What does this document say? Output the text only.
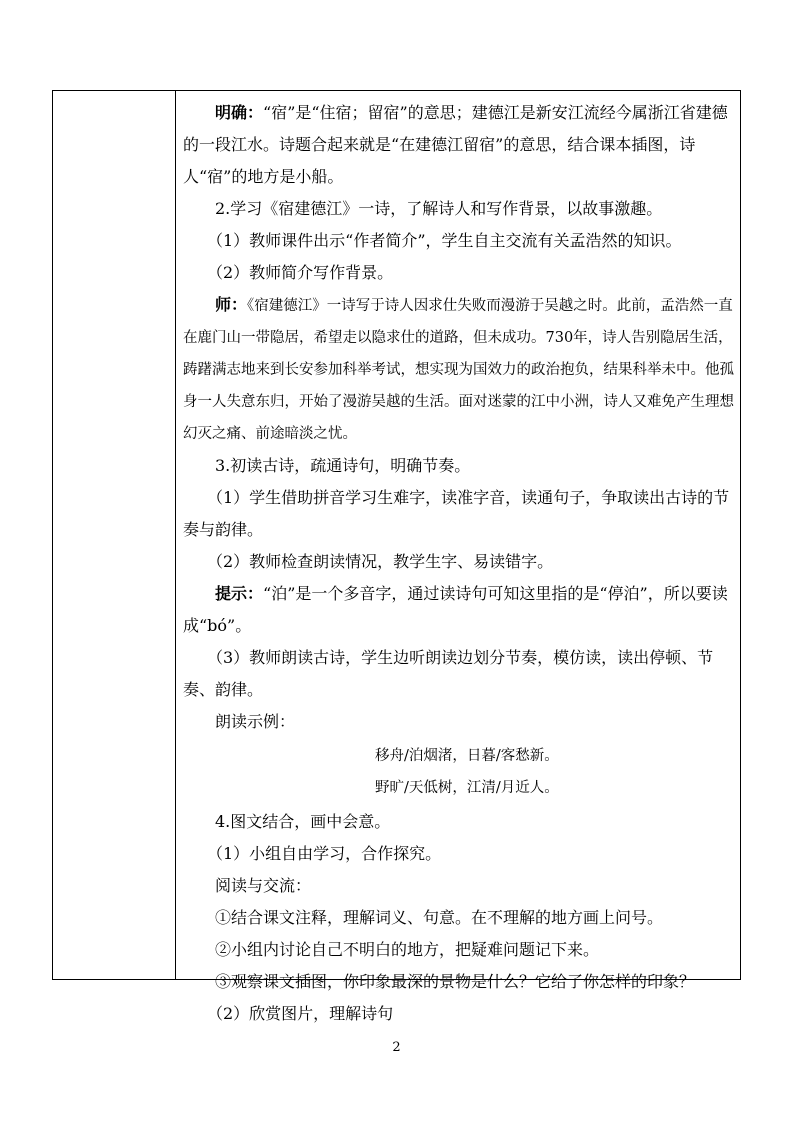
明确：“宿”是“住宿；留宿”的意思；建德江是新安江流经今属浙江省建德的一段江水。诗题合起来就是“在建德江留宿”的意思，结合课本插图，诗人“宿”的地方是小船。

2.学习《宿建德江》一诗，了解诗人和写作背景，以故事激趣。

（1）教师课件出示“作者简介”，学生自主交流有关孟浩然的知识。

（2）教师简介写作背景。

师：《宿建德江》一诗写于诗人因求仕失败而漫游于吴越之时。此前，孟浩然一直在鹿门山一带隐居，希望走以隐求仕的道路，但未成功。730年，诗人告别隐居生活，踌躇满志地来到长安参加科举考试，想实现为国效力的政治抱负，结果科举未中。他孤身一人失意东归，开始了漫游吴越的生活。面对迷蒙的江中小洲，诗人又难免产生理想幻灭之痛、前途暗淡之忧。

3.初读古诗，疏通诗句，明确节奏。

（1）学生借助拼音学习生难字，读准字音，读通句子，争取读出古诗的节奏与韵律。

（2）教师检查朗读情况，教学生字、易读错字。

提示：“泊”是一个多音字，通过读诗句可知这里指的是“停泊”，所以要读成“bó”。

（3）教师朗读古诗，学生边听朗读边划分节奏，模仿读，读出停顿、节奏、韵律。

朗读示例：

移舟/泊烟渚，日暮/客愁新。

野旷/天低树，江清/月近人。

4.图文结合，画中会意。

（1）小组自由学习，合作探究。

阅读与交流：

①结合课文注释，理解词义、句意。在不理解的地方画上问号。

②小组内讨论自己不明白的地方，把疑难问题记下来。

③观察课文插图，你印象最深的景物是什么？它给了你怎样的印象？

（2）欣赏图片，理解诗句

2
